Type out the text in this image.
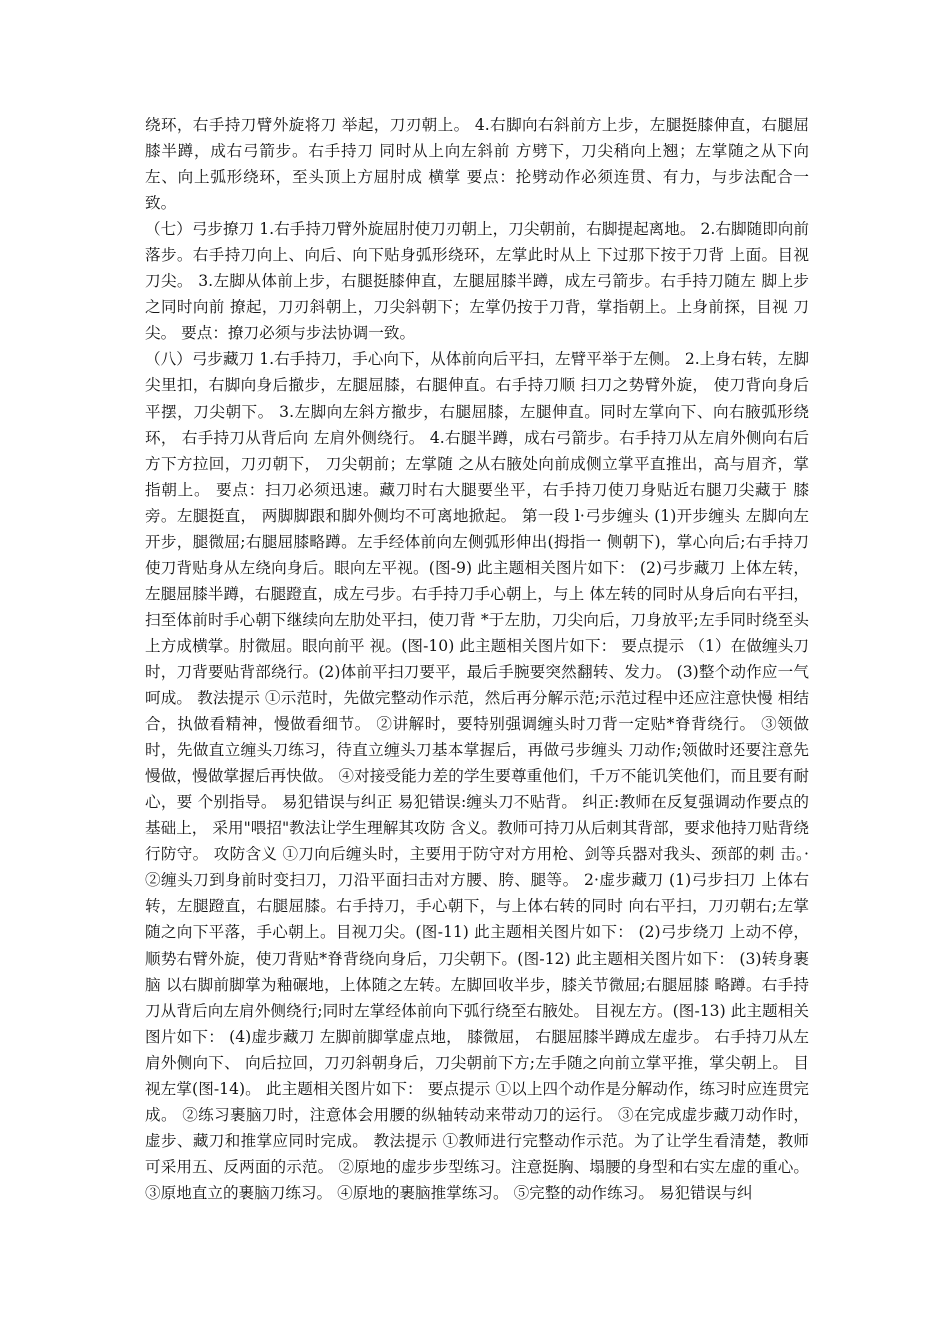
绕环，右手持刀臂外旋将刀 举起，刀刃朝上。 4.右脚向右斜前方上步，左腿挺膝伸直，右腿屈膝半蹲，成右弓箭步。右手持刀 同时从上向左斜前 方劈下，刀尖稍向上翘；左掌随之从下向左、向上弧形绕环，至头顶上方屈肘成 横掌 要点：抡劈动作必须连贯、有力，与步法配合一致。

（七）弓步撩刀 1.右手持刀臂外旋屈肘使刀刃朝上，刀尖朝前，右脚提起离地。 2.右脚随即向前落步。右手持刀向上、向后、向下贴身弧形绕环，左掌此时从上 下过那下按于刀背 上面。目视刀尖。 3.左脚从体前上步，右腿挺膝伸直，左腿屈膝半蹲，成左弓箭步。右手持刀随左 脚上步之同时向前 撩起，刀刃斜朝上，刀尖斜朝下；左掌仍按于刀背，掌指朝上。上身前探，目视 刀尖。 要点：撩刀必须与步法协调一致。

（八）弓步藏刀 1.右手持刀，手心向下，从体前向后平扫，左臂平举于左侧。 2.上身右转，左脚尖里扣，右脚向身后撤步，左腿屈膝，右腿伸直。右手持刀顺 扫刀之势臂外旋， 使刀背向身后平摆，刀尖朝下。 3.左脚向左斜方撤步，右腿屈膝，左腿伸直。同时左掌向下、向右腋弧形绕环， 右手持刀从背后向 左肩外侧绕行。 4.右腿半蹲，成右弓箭步。右手持刀从左肩外侧向右后方下方拉回，刀刃朝下， 刀尖朝前；左掌随 之从右腋处向前成侧立掌平直推出，高与眉齐，掌指朝上。 要点：扫刀必须迅速。藏刀时右大腿要坐平，右手持刀使刀身贴近右腿刀尖藏于 膝旁。左腿挺直， 两脚脚跟和脚外侧均不可离地掀起。 第一段 l·弓步缠头 (1)开步缠头 左脚向左开步，腿微屈;右腿屈膝略蹲。左手经体前向左侧弧形伸出(拇指一 侧朝下)，掌心向后;右手持刀使刀背贴身从左绕向身后。眼向左平视。(图-9) 此主题相关图片如下： (2)弓步藏刀 上体左转，左腿屈膝半蹲，右腿蹬直，成左弓步。右手持刀手心朝上，与上 体左转的同时从身后向右平扫，扫至体前时手心朝下继续向左肋处平扫，使刀背 *于左肋，刀尖向后，刀身放平;左手同时绕至头上方成横掌。肘微屈。眼向前平 视。(图-10) 此主题相关图片如下： 要点提示 （1）在做缠头刀时，刀背要贴背部绕行。(2)体前平扫刀要平，最后手腕要突然翻转、发力。 (3)整个动作应一气呵成。 教法提示 ①示范时，先做完整动作示范，然后再分解示范;示范过程中还应注意快慢 相结合，执做看精神，慢做看细节。 ②讲解时，要特别强调缠头时刀背一定贴*脊背绕行。 ③领做时，先做直立缠头刀练习，待直立缠头刀基本掌握后，再做弓步缠头 刀动作;领做时还要注意先慢做，慢做掌握后再快做。 ④对接受能力差的学生要尊重他们，千万不能讥笑他们，而且要有耐心，要 个别指导。 易犯错误与纠正 易犯错误:缠头刀不贴背。 纠正:教师在反复强调动作要点的基础上， 采用"喂招"教法让学生理解其攻防 含义。教师可持刀从后刺其背部，要求他持刀贴背绕行防守。 攻防含义 ①刀向后缠头时，主要用于防守对方用枪、剑等兵器对我头、颈部的刺 击。· ②缠头刀到身前时变扫刀，刀沿平面扫击对方腰、胯、腿等。 2·虚步藏刀 (1)弓步扫刀 上体右转，左腿蹬直，右腿屈膝。右手持刀，手心朝下，与上体右转的同时 向右平扫，刀刃朝右;左掌随之向下平落，手心朝上。目视刀尖。(图-11) 此主题相关图片如下： (2)弓步绕刀 上动不停，顺势右臂外旋，使刀背贴*脊背绕向身后，刀尖朝下。(图-12) 此主题相关图片如下： (3)转身裹脑 以右脚前脚掌为釉碾地，上体随之左转。左脚回收半步，膝关节微屈;右腿屈膝 略蹲。右手持刀从背后向左肩外侧绕行;同时左掌经体前向下弧行绕至右腋处。 目视左方。(图-13) 此主题相关图片如下： (4)虚步藏刀 左脚前脚掌虚点地， 膝微屈， 右腿屈膝半蹲成左虚步。 右手持刀从左肩外侧向下、 向后拉回，刀刃斜朝身后，刀尖朝前下方;左手随之向前立掌平推，掌尖朝上。 目视左掌(图-14)。 此主题相关图片如下： 要点提示 ①以上四个动作是分解动作，练习时应连贯完成。 ②练习裹脑刀时，注意体会用腰的纵轴转动来带动刀的运行。 ③在完成虚步藏刀动作时，虚步、藏刀和推掌应同时完成。 教法提示 ①教师进行完整动作示范。为了让学生看清楚，教师可采用五、反两面的示范。 ②原地的虚步步型练习。注意挺胸、塌腰的身型和右实左虚的重心。③原地直立的裹脑刀练习。 ④原地的裹脑推掌练习。 ⑤完整的动作练习。 易犯错误与纠
